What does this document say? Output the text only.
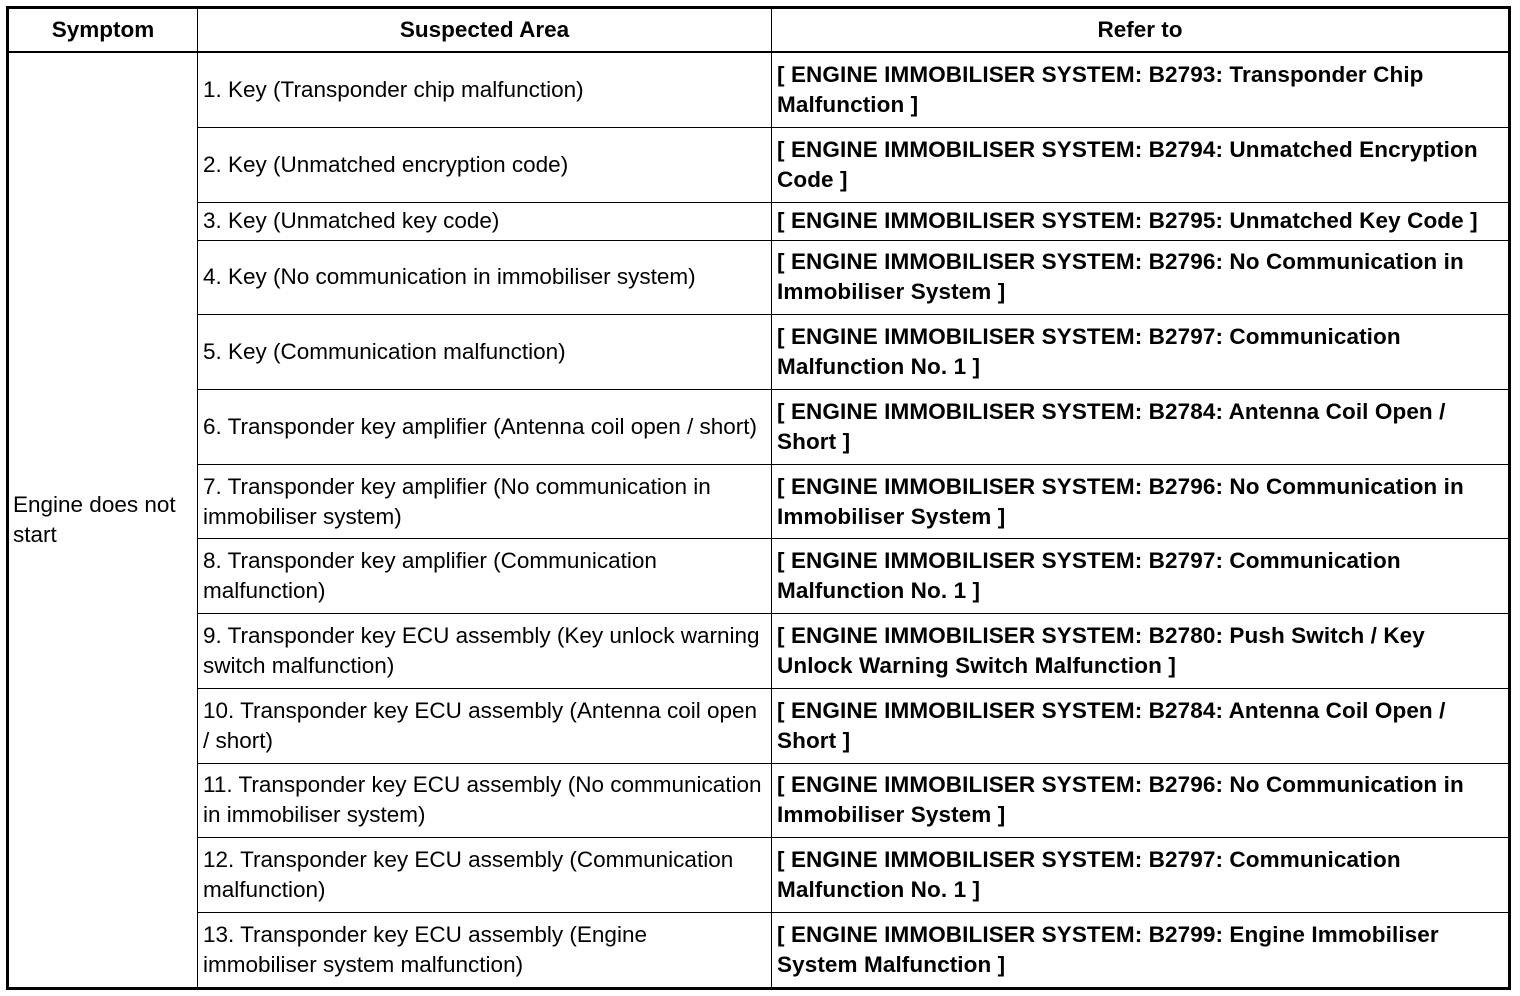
Symptom	Suspected Area	Refer to
Engine does not start	1. Key (Transponder chip malfunction)	[ ENGINE IMMOBILISER SYSTEM: B2793: Transponder Chip Malfunction ]
	2. Key (Unmatched encryption code)	[ ENGINE IMMOBILISER SYSTEM: B2794: Unmatched Encryption Code ]
	3. Key (Unmatched key code)	[ ENGINE IMMOBILISER SYSTEM: B2795: Unmatched Key Code ]
	4. Key (No communication in immobiliser system)	[ ENGINE IMMOBILISER SYSTEM: B2796: No Communication in Immobiliser System ]
	5. Key (Communication malfunction)	[ ENGINE IMMOBILISER SYSTEM: B2797: Communication Malfunction No. 1 ]
	6. Transponder key amplifier (Antenna coil open / short)	[ ENGINE IMMOBILISER SYSTEM: B2784: Antenna Coil Open / Short ]
	7. Transponder key amplifier (No communication in immobiliser system)	[ ENGINE IMMOBILISER SYSTEM: B2796: No Communication in Immobiliser System ]
	8. Transponder key amplifier (Communication malfunction)	[ ENGINE IMMOBILISER SYSTEM: B2797: Communication Malfunction No. 1 ]
	9. Transponder key ECU assembly (Key unlock warning switch malfunction)	[ ENGINE IMMOBILISER SYSTEM: B2780: Push Switch / Key Unlock Warning Switch Malfunction ]
	10. Transponder key ECU assembly (Antenna coil open / short)	[ ENGINE IMMOBILISER SYSTEM: B2784: Antenna Coil Open / Short ]
	11. Transponder key ECU assembly (No communication in immobiliser system)	[ ENGINE IMMOBILISER SYSTEM: B2796: No Communication in Immobiliser System ]
	12. Transponder key ECU assembly (Communication malfunction)	[ ENGINE IMMOBILISER SYSTEM: B2797: Communication Malfunction No. 1 ]
	13. Transponder key ECU assembly (Engine immobiliser system malfunction)	[ ENGINE IMMOBILISER SYSTEM: B2799: Engine Immobiliser System Malfunction ]
